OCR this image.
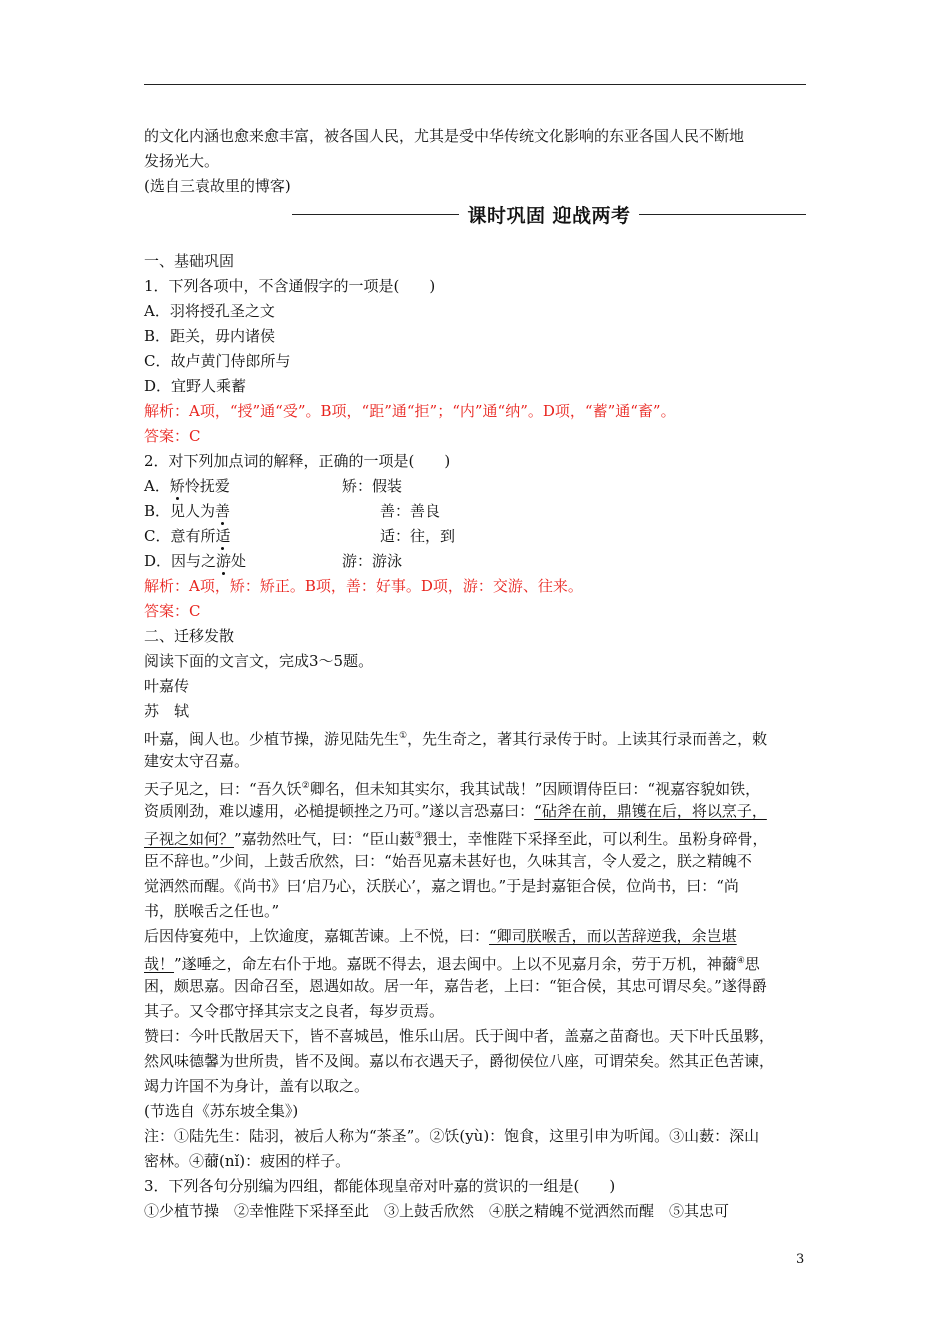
的文化内涵也愈来愈丰富，被各国人民，尤其是受中华传统文化影响的东亚各国人民不断地
发扬光大。
(选自三袁故里的博客)
课时巩固 迎战两考
一、基础巩固
1．下列各项中，不含通假字的一项是(　　)
A．羽将授孔圣之文
B．距关，毋内诸侯
C．故卢黄门侍郎所与
D．宜野人乘蓄
解析：A项，“授”通“受”。B项，“距”通“拒”；“内”通“纳”。D项，“蓄”通“畜”。
答案：C
2．对下列加点词的解释，正确的一项是(　　)
A．矫怜抚爱	矫：假装
B．见人为善	善：善良
C．意有所适	适：往，到
D．因与之游处	游：游泳
解析：A项，矫：矫正。B项，善：好事。D项，游：交游、往来。
答案：C
二、迁移发散
阅读下面的文言文，完成3～5题。
叶嘉传
苏　轼
叶嘉，闽人也。少植节操，游见陆先生①，先生奇之，著其行录传于时。上读其行录而善之，敕
建安太守召嘉。
天子见之，曰：“吾久饫②卿名，但未知其实尔，我其试哉！”因顾谓侍臣曰：“视嘉容貌如铁，
资质刚劲，难以遽用，必槌提顿挫之乃可。”遂以言恐嘉曰：“砧斧在前，鼎镬在后，将以烹子，
子视之如何？”嘉勃然吐气，曰：“臣山薮③猥士，幸惟陛下采择至此，可以利生。虽粉身碎骨，
臣不辞也。”少间，上鼓舌欣然，曰：“始吾见嘉未甚好也，久味其言，令人爱之，朕之精魄不
觉洒然而醒。《尚书》曰‘启乃心，沃朕心’，嘉之谓也。”于是封嘉钜合侯，位尚书，曰：“尚
书，朕喉舌之任也。”
后因侍宴苑中，上饮逾度，嘉辄苦谏。上不悦，曰：“卿司朕喉舌，而以苦辞逆我，余岂堪
哉！”遂唾之，命左右仆于地。嘉既不得去，退去闽中。上以不见嘉月余，劳于万机，神薾④思
困，颇思嘉。因命召至，恩遇如故。居一年，嘉告老，上曰：“钜合侯，其忠可谓尽矣。”遂得爵
其子。又令郡守择其宗支之良者，每岁贡焉。
赞曰：今叶氏散居天下，皆不喜城邑，惟乐山居。氏于闽中者，盖嘉之苗裔也。天下叶氏虽夥，
然风味德馨为世所贵，皆不及闽。嘉以布衣遇天子，爵彻侯位八座，可谓荣矣。然其正色苦谏，
竭力许国不为身计，盖有以取之。
(节选自《苏东坡全集》)
注：①陆先生：陆羽，被后人称为“茶圣”。②饫(yù)：饱食，这里引申为听闻。③山薮：深山
密林。④薾(nǐ)：疲困的样子。
3．下列各句分别编为四组，都能体现皇帝对叶嘉的赏识的一组是(　　)
①少植节操　②幸惟陛下采择至此　③上鼓舌欣然　④朕之精魄不觉洒然而醒　⑤其忠可
3
